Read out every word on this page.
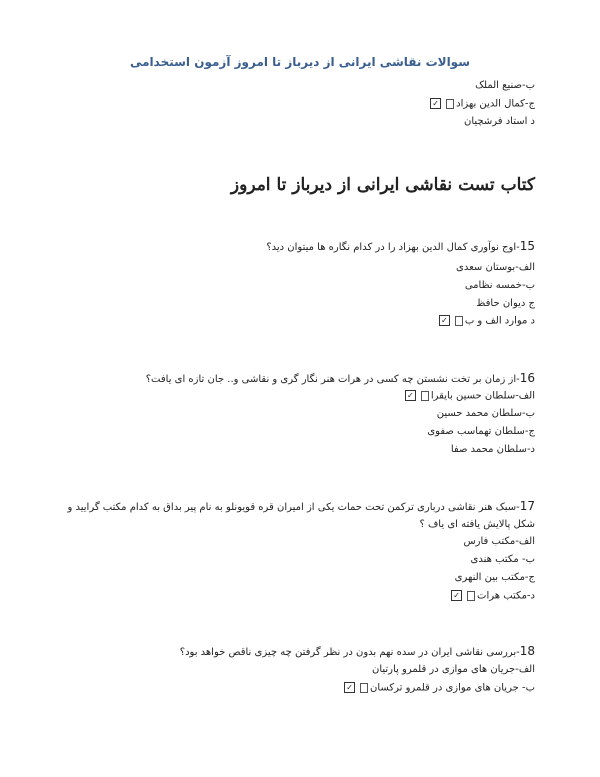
سوالات نقاشی ایرانی از دیرباز تا امروز آزمون استخدامی
ب-صنیع الملک
ج-کمال الدین بهزاد✓
د استاد فرشچیان
کتاب تست نقاشی ایرانی از دیرباز تا امروز
15-اوج نوآوری کمال الدین بهزاد را در کدام نگاره ها میتوان دید؟
الف-بوستان سعدی
ب-خمسه نظامی
ج دیوان حافظ
د موارد الف و ب✓
16-از زمان بر تخت نشستن چه کسی در هرات هنر نگار گری و نقاشی و.. جان تازه ای یافت؟
الف-سلطان حسین بایقرا✓
ب-سلطان محمد حسین
ج-سلطان تهماسب صفوی
د-سلطان محمد صفا
17-سبک هنر نقاشی درباری ترکمن تحت حمات یکی از امیران قره قویونلو به نام پیر بداق به کدام مکتب گرایید و شکل پالایش یافته ای یاف ؟
الف-مکتب فارس
ب- مکتب هندی
ج-مکتب بین النهری
د-مکتب هرات✓
18-بررسی نقاشی ایران در سده نهم بدون در نظر گرفتن چه چیزی ناقص خواهد بود؟
الف-جریان های موازی در قلمرو پارتیان
ب- جریان های موازی در قلمرو ترکسان✓
